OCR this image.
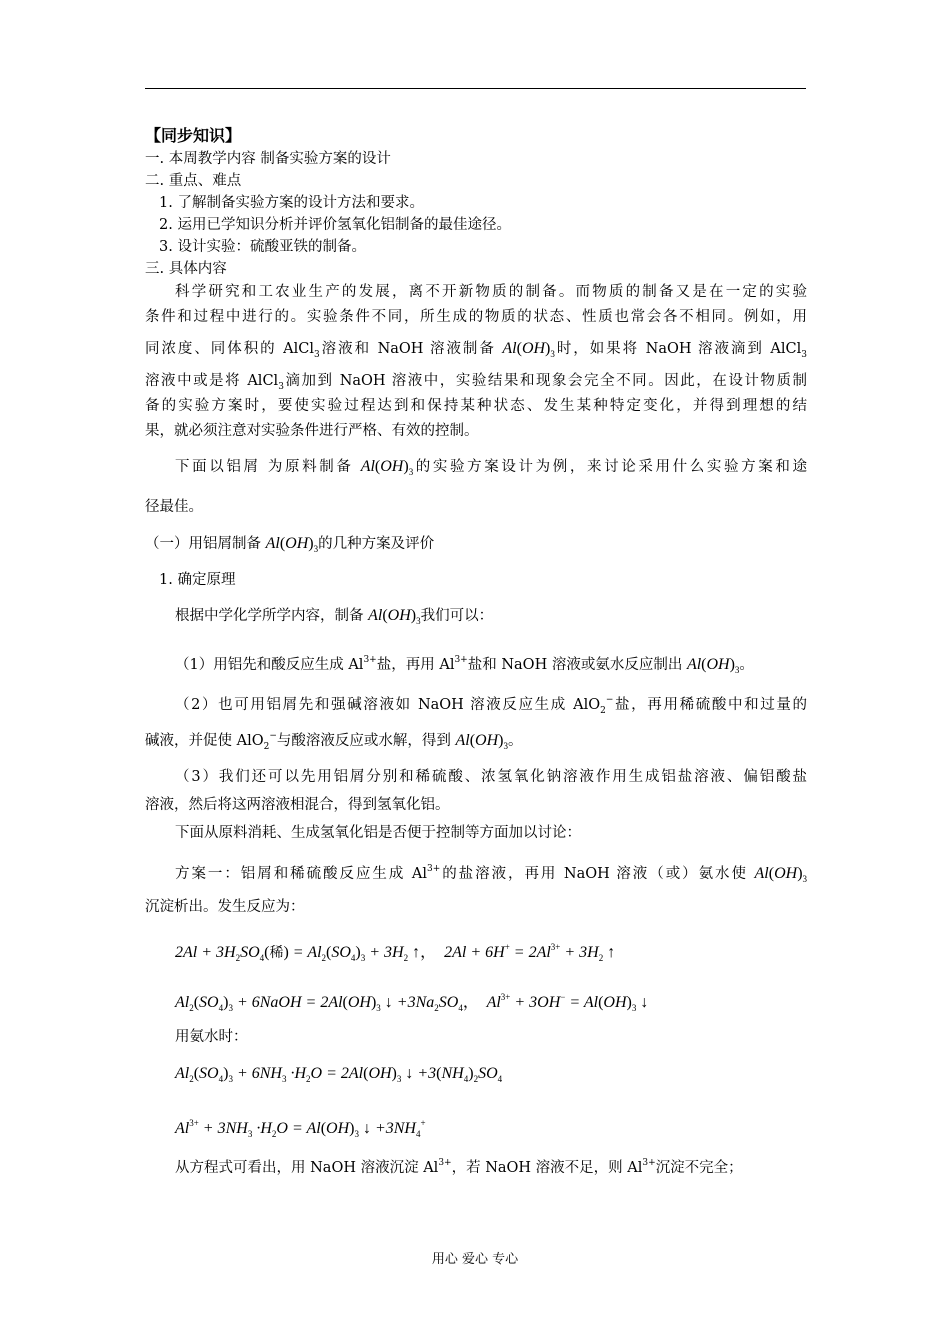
【同步知识】
一. 本周教学内容 制备实验方案的设计
二. 重点、难点
1. 了解制备实验方案的设计方法和要求。
2. 运用已学知识分析并评价氢氧化铝制备的最佳途径。
3. 设计实验：硫酸亚铁的制备。
三. 具体内容
科学研究和工农业生产的发展，离不开新物质的制备。而物质的制备又是在一定的实验
条件和过程中进行的。实验条件不同，所生成的物质的状态、性质也常会各不相同。例如，用
同浓度、同体积的 AlCl$_3$溶液和 NaOH 溶液制备 $Al(OH)_3$时，如果将 NaOH 溶液滴到 AlCl$_3$
溶液中或是将 AlCl$_3$滴加到 NaOH 溶液中，实验结果和现象会完全不同。因此，在设计物质制
备的实验方案时，要使实验过程达到和保持某种状态、发生某种特定变化，并得到理想的结
果，就必须注意对实验条件进行严格、有效的控制。
下面以铝屑 为原料制备 $Al(OH)_3$的实验方案设计为例，来讨论采用什么实验方案和途
径最佳。
（一）用铝屑制备 $Al(OH)_3$的几种方案及评价
1. 确定原理
根据中学化学所学内容，制备 $Al(OH)_3$我们可以：
（1）用铝先和酸反应生成 $Al^{3+}$盐，再用 $Al^{3+}$盐和 NaOH 溶液或氨水反应制出 $Al(OH)_3$。
（2）也可用铝屑先和强碱溶液如 NaOH 溶液反应生成 AlO$_2$−盐，再用稀硫酸中和过量的
碱液，并促使 AlO$_2$−与酸溶液反应或水解，得到 $Al(OH)_3$。
（3）我们还可以先用铝屑分别和稀硫酸、浓氢氧化钠溶液作用生成铝盐溶液、偏铝酸盐
溶液，然后将这两溶液相混合，得到氢氧化铝。
下面从原料消耗、生成氢氧化铝是否便于控制等方面加以讨论：
方案一：铝屑和稀硫酸反应生成 $Al^{3+}$的盐溶液，再用 NaOH 溶液（或）氨水使 $Al(OH)_3$
沉淀析出。发生反应为：
$2Al + 3H_2SO_4$(稀) = $Al_2(SO_4)_3 + 3H_2$ ↑，  $2Al + 6H^+ = 2Al^{3+} + 3H_2$ ↑
$Al_2(SO_4)_3$ + 6NaOH = $2Al(OH)_3$ ↓ $+3Na_2SO_4$， $Al^{3+} + 3OH^- = Al(OH)_3$ ↓
用氨水时：
$Al_2(SO_4)_3 + 6NH_3 \cdot H_2O = 2Al(OH)_3$ ↓ $+3(NH_4)_2SO_4$
$Al^{3+} + 3NH_3 \cdot H_2O = Al(OH)_3$ ↓ $+3NH_4^+$
从方程式可看出，用 NaOH 溶液沉淀 $Al^{3+}$，若 NaOH 溶液不足，则 $Al^{3+}$沉淀不完全；
用心 爱心 专心
